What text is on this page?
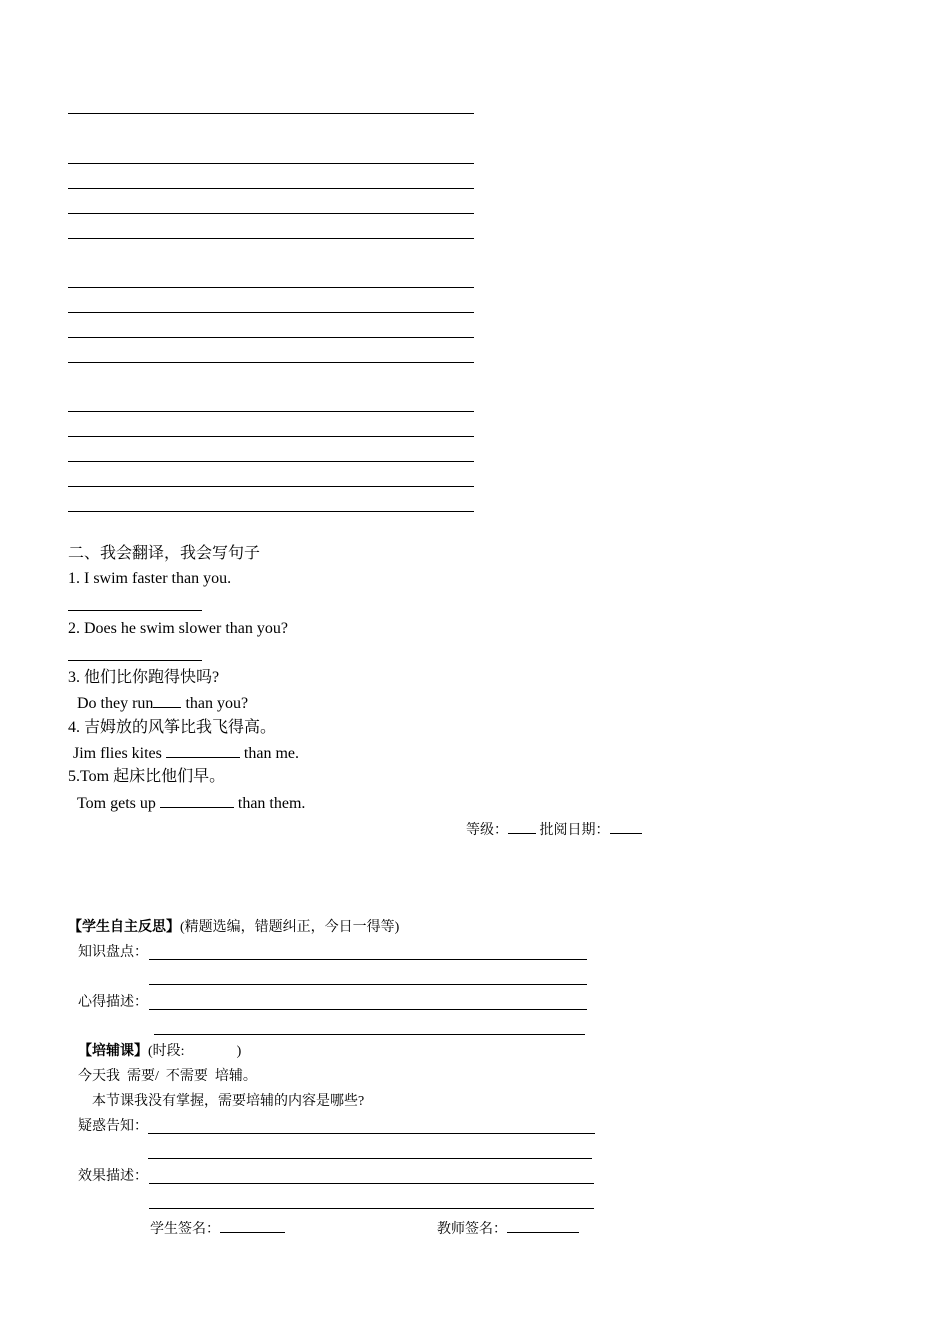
二、我会翻译，我会写句子
1. I swim faster than you.
2. Does he swim slower than you?
3. 他们比你跑得快吗?
Do they run than you?
4. 吉姆放的风筝比我飞得高。
Jim flies kites	than me.
5.Tom 起床比他们早。
Tom gets up	than them.
等级： 批阅日期：
【学生自主反思】(精题选编，错题纠正，今日一得等)
知识盘点：
心得描述：
【培辅课】(时段:	)
今天我  需要/  不需要  培辅。
本节课我没有掌握，需要培辅的内容是哪些?
疑惑告知：
效果描述：
学生签名：	教师签名：
